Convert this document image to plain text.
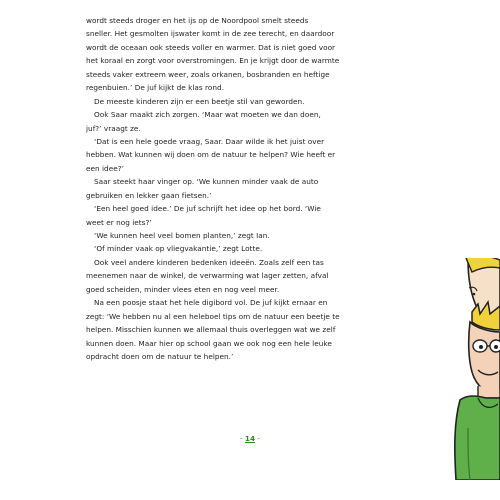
wordt steeds droger en het ijs op de Noordpool smelt steeds
sneller. Het gesmolten ijswater komt in de zee terecht, en daardoor
wordt de oceaan ook steeds voller en warmer. Dat is niet goed voor
het koraal en zorgt voor overstromingen. En je krijgt door de warmte
steeds vaker extreem weer, zoals orkanen, bosbranden en heftige
regenbuien.’ De juf kijkt de klas rond.
De meeste kinderen zijn er een beetje stil van geworden.
Ook Saar maakt zich zorgen. ‘Maar wat moeten we dan doen,
juf?’ vraagt ze.
‘Dat is een hele goede vraag, Saar. Daar wilde ik het juist over
hebben. Wat kunnen wij doen om de natuur te helpen? Wie heeft er
een idee?’
Saar steekt haar vinger op. ‘We kunnen minder vaak de auto
gebruiken en lekker gaan fietsen.’
‘Een heel goed idee.’ De juf schrijft het idee op het bord. ‘Wie
weet er nog iets?’
‘We kunnen heel veel bomen planten,’ zegt Ian.
‘Of minder vaak op vliegvakantie,’ zegt Lotte.
Ook veel andere kinderen bedenken ideeën. Zoals zelf een tas
meenemen naar de winkel, de verwarming wat lager zetten, afval
goed scheiden, minder vlees eten en nog veel meer.
Na een poosje staat het hele digibord vol. De juf kijkt ernaar en
zegt: ‘We hebben nu al een heleboel tips om de natuur een beetje te
helpen. Misschien kunnen we allemaal thuis overleggen wat we zelf
kunnen doen. Maar hier op school gaan we ook nog een hele leuke
opdracht doen om de natuur te helpen.’
- 14 -
